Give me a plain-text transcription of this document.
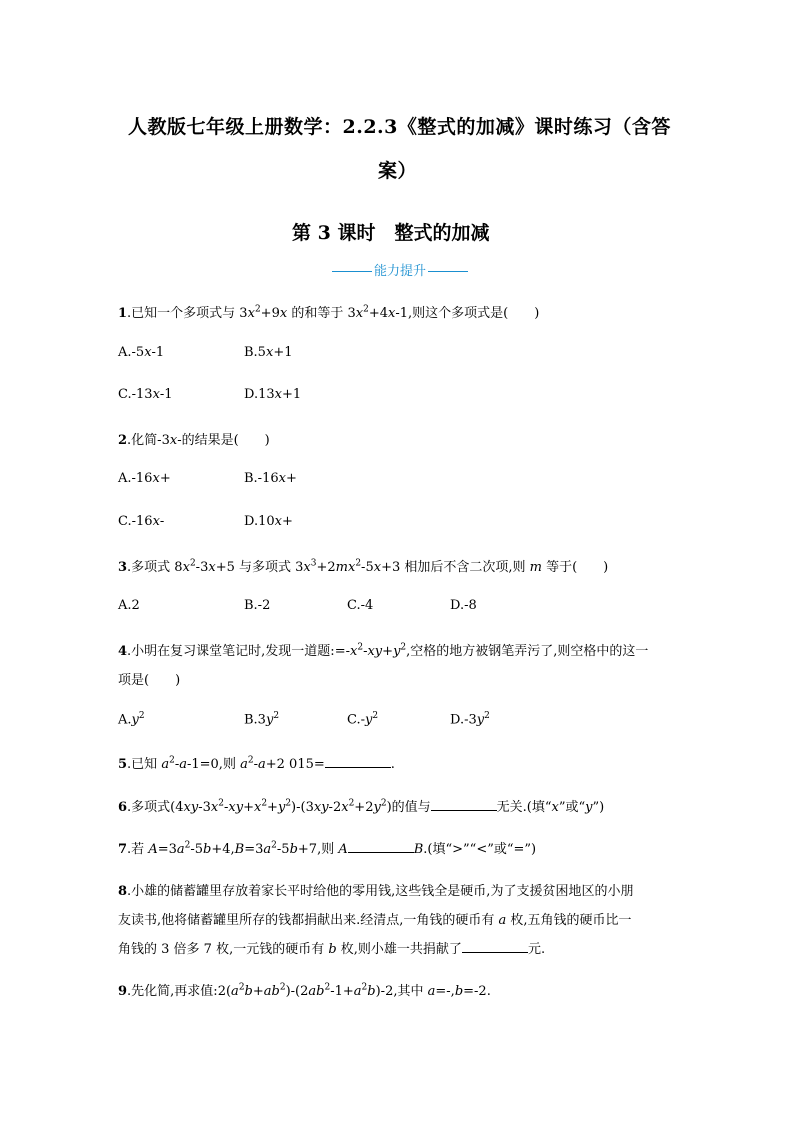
人教版七年级上册数学：2.2.3《整式的加减》课时练习（含答
案）
第 3 课时　整式的加减
能力提升
1.已知一个多项式与 $3x^2+9x$ 的和等于 $3x^2+4x-1$,则这个多项式是(　　)
A.-5x-1	B.5x+1
C.-13x-1	D.13x+1
2.化简-3x-的结果是(　　)
A.-16x+	B.-16x+
C.-16x-	D.10x+
3.多项式 $8x^2-3x+5$ 与多项式 $3x^3+2mx^2-5x+3$ 相加后不含二次项,则 m 等于(　　)
A.2	B.-2	C.-4	D.-8
4.小明在复习课堂笔记时,发现一道题$:=-x^2-xy+y^2$,空格的地方被钢笔弄污了,则空格中的这一
项是(　　)
$A.y^2$	$B.3y^2$	$C.-y^2$	$D.-3y^2$
5.已知 $a^2-a-1=0$,则 $a^2-a+2$ 015=	.
6.多项式$(4xy-3x^2-xy+x^2+y^2)-(3xy-2x^2+2y^2)$的值与	无关.(填“x”或“y”)
7.若 $A=3a^2-5b+4,B=3a^2-5b+7$,则 A	B.(填“>”“<”或“=”)
8.小雄的储蓄罐里存放着家长平时给他的零用钱,这些钱全是硬币,为了支援贫困地区的小朋
友读书,他将储蓄罐里所存的钱都捐献出来.经清点,一角钱的硬币有 a 枚,五角钱的硬币比一
角钱的 3 倍多 7 枚,一元钱的硬币有 b 枚,则小雄一共捐献了	元.
9.先化简,再求值$:2(a^2b+ab^2)-(2ab^2-1+a^2b)-2$,其中 a=-,b=-2.
